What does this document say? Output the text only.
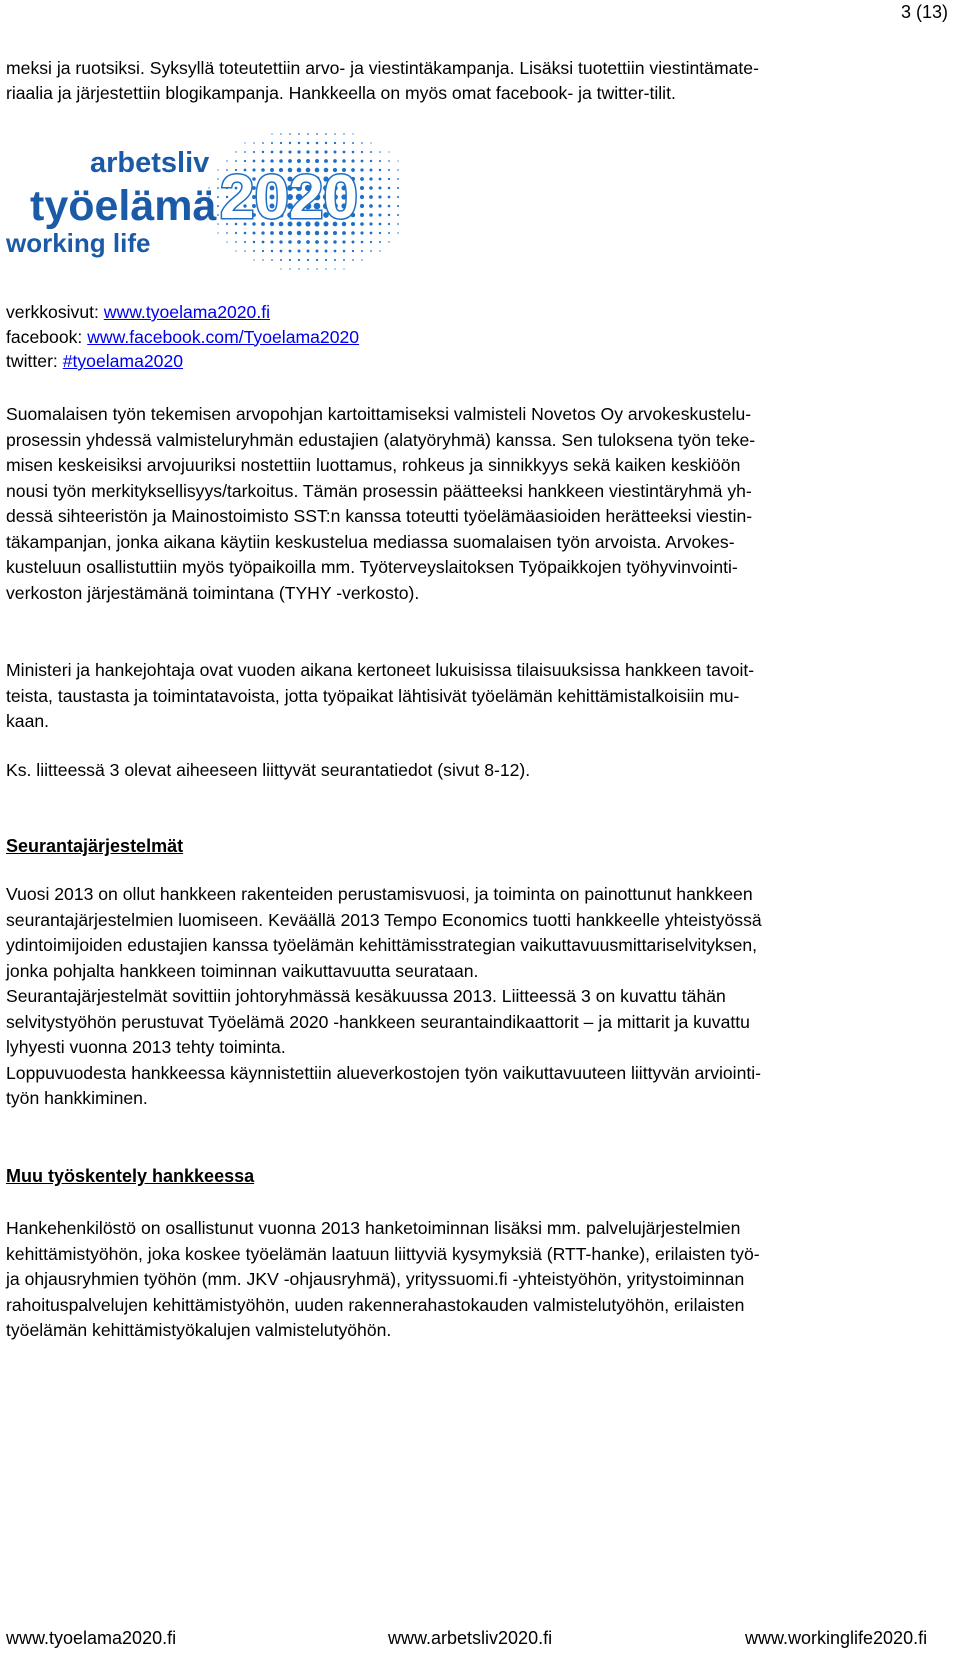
3 (13)

meksi ja ruotsiksi. Syksyllä toteutettiin arvo- ja viestintäkampanja. Lisäksi tuotettiin viestintämate-

riaalia ja järjestettiin blogikampanja. Hankkeella on myös omat facebook- ja twitter-tilit.

arbetsliv
työelämä 2020
working life
verkkosivut: www.tyoelama2020.fi
facebook: www.facebook.com/Tyoelama2020
twitter: #tyoelama2020

Suomalaisen työn tekemisen arvopohjan kartoittamiseksi valmisteli Novetos Oy arvokeskustelu-

prosessin yhdessä valmisteluryhmän edustajien (alatyöryhmä) kanssa. Sen tuloksena työn teke-

misen keskeisiksi arvojuuriksi nostettiin luottamus, rohkeus ja sinnikkyys sekä kaiken keskiöön

nousi työn merkityksellisyys/tarkoitus. Tämän prosessin päätteeksi hankkeen viestintäryhmä yh-

dessä sihteeristön ja Mainostoimisto SST:n kanssa toteutti työelämäasioiden herätteeksi viestin-

täkampanjan, jonka aikana käytiin keskustelua mediassa suomalaisen työn arvoista. Arvokes-

kusteluun osallistuttiin myös työpaikoilla mm. Työterveyslaitoksen Työpaikkojen työhyvinvointi-

verkoston järjestämänä toimintana (TYHY -verkosto).

Ministeri ja hankejohtaja ovat vuoden aikana kertoneet lukuisissa tilaisuuksissa hankkeen tavoit-

teista, taustasta ja toimintatavoista, jotta työpaikat lähtisivät työelämän kehittämistalkoisiin mu-

kaan.

Ks. liitteessä 3 olevat aiheeseen liittyvät seurantatiedot (sivut 8-12).

Seurantajärjestelmät

Vuosi 2013 on ollut hankkeen rakenteiden perustamisvuosi, ja toiminta on painottunut hankkeen

seurantajärjestelmien luomiseen. Keväällä 2013 Tempo Economics tuotti hankkeelle yhteistyössä

ydintoimijoiden edustajien kanssa työelämän kehittämisstrategian vaikuttavuusmittariselvityksen,

jonka pohjalta hankkeen toiminnan vaikuttavuutta seurataan.

Seurantajärjestelmät sovittiin johtoryhmässä kesäkuussa 2013. Liitteessä 3 on kuvattu tähän

selvitystyöhön perustuvat Työelämä 2020 -hankkeen seurantaindikaattorit – ja mittarit ja kuvattu

lyhyesti vuonna 2013 tehty toiminta.

Loppuvuodesta hankkeessa käynnistettiin alueverkostojen työn vaikuttavuuteen liittyvän arviointi-

työn hankkiminen.

Muu työskentely hankkeessa

Hankehenkilöstö on osallistunut vuonna 2013 hanketoiminnan lisäksi mm. palvelujärjestelmien

kehittämistyöhön, joka koskee työelämän laatuun liittyviä kysymyksiä (RTT-hanke), erilaisten työ-

ja ohjausryhmien työhön (mm. JKV -ohjausryhmä), yrityssuomi.fi -yhteistyöhön, yritystoiminnan

rahoituspalvelujen kehittämistyöhön, uuden rakennerahastokauden valmistelutyöhön, erilaisten

työelämän kehittämistyökalujen valmistelutyöhön.

www.tyoelama2020.fi	www.arbetsliv2020.fi	www.workinglife2020.fi
